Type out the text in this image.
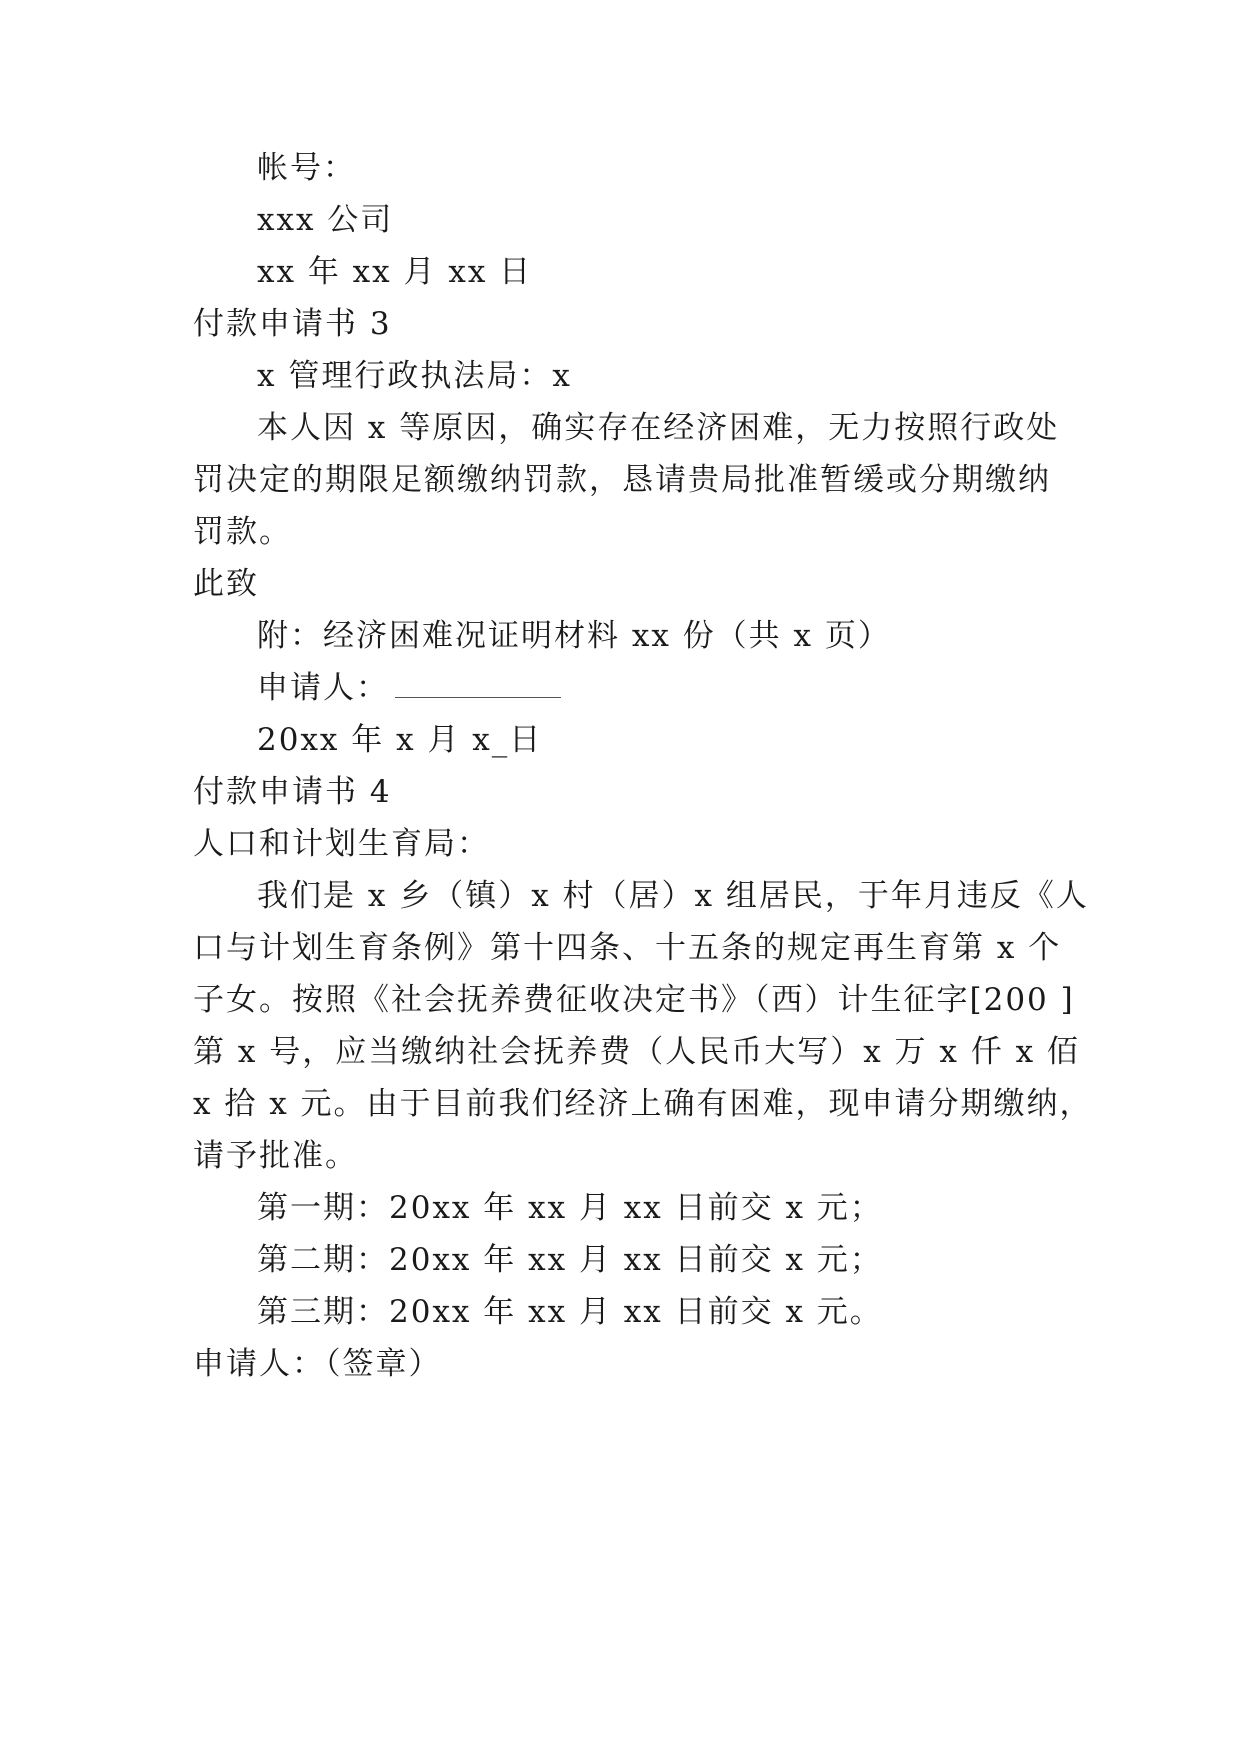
帐号：
xxx 公司
xx 年 xx 月 xx 日
付款申请书 3
x 管理行政执法局：x
本人因 x 等原因，确实存在经济困难，无力按照行政处
罚决定的期限足额缴纳罚款，恳请贵局批准暂缓或分期缴纳
罚款。
此致
附：经济困难况证明材料 xx 份（共 x 页）
申请人：
20xx 年 x 月 x_日
付款申请书 4
人口和计划生育局：
我们是 x 乡（镇）x 村（居）x 组居民，于年月违反《人
口与计划生育条例》第十四条、十五条的规定再生育第 x 个
子女。按照《社会抚养费征收决定书》（西）计生征字[200 ]
第 x 号，应当缴纳社会抚养费（人民币大写）x 万 x 仟 x 佰
x 拾 x 元。由于目前我们经济上确有困难，现申请分期缴纳，
请予批准。
第一期：20xx 年 xx 月 xx 日前交 x 元；
第二期：20xx 年 xx 月 xx 日前交 x 元；
第三期：20xx 年 xx 月 xx 日前交 x 元。
申请人：（签章）
